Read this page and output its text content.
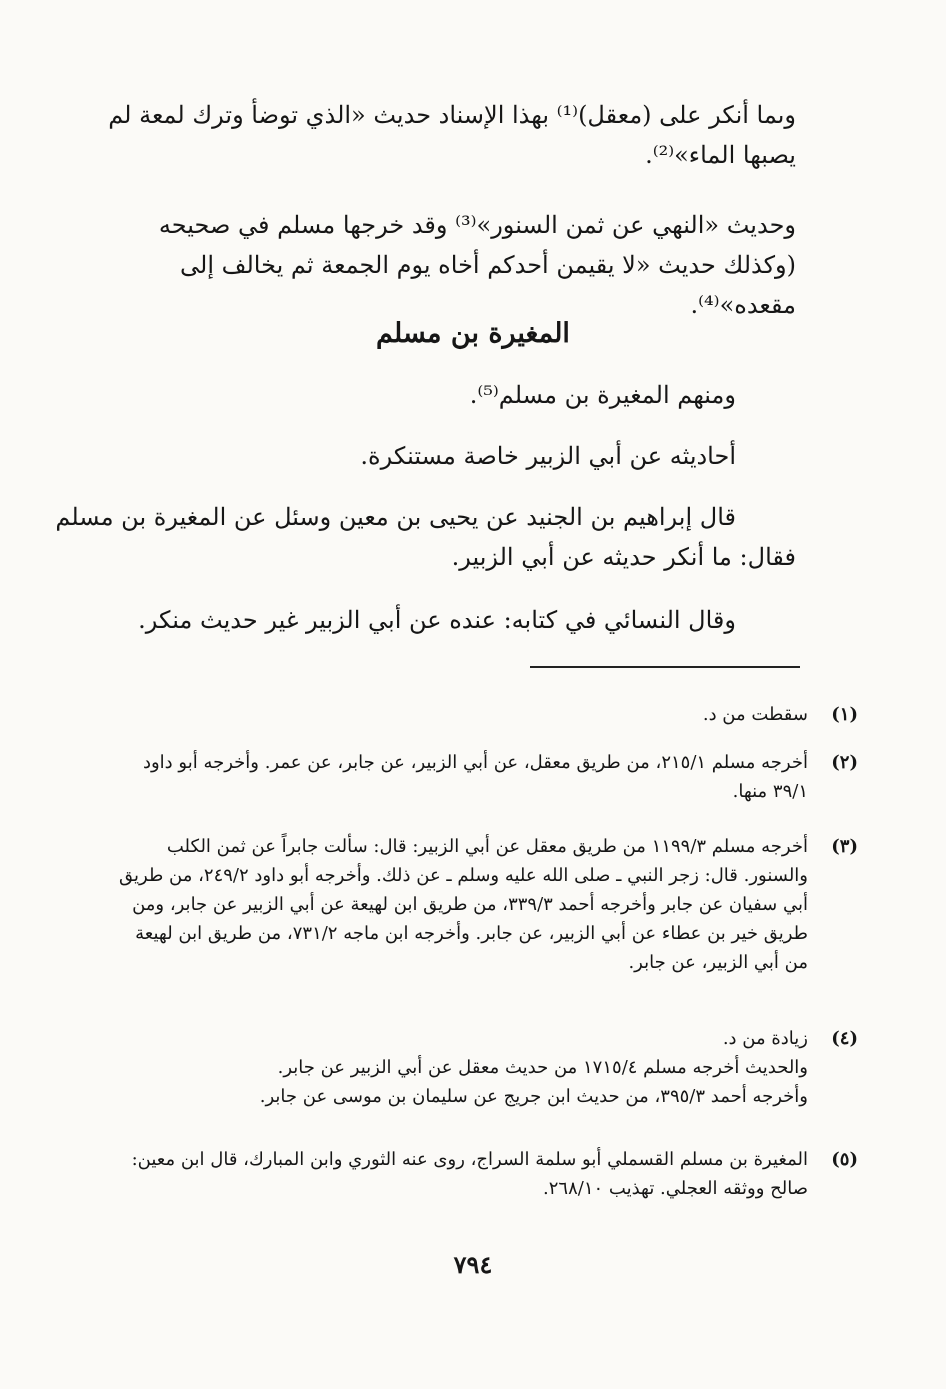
وىما أنكر على (معقل)⁽¹⁾ بهذا الإسناد حديث «الذي توضأ وترك لمعة لم يصبها الماء»⁽²⁾.

وحديث «النهي عن ثمن السنور»⁽³⁾ وقد خرجها مسلم في صحيحه (وكذلك حديث «لا يقيمن أحدكم أخاه يوم الجمعة ثم يخالف إلى مقعده»⁽⁴⁾.

المغيرة بن مسلم

ومنهم المغيرة بن مسلم⁽⁵⁾.

أحاديثه عن أبي الزبير خاصة مستنكرة.

قال إبراهيم بن الجنيد عن يحيى بن معين وسئل عن المغيرة بن مسلم

فقال: ما أنكر حديثه عن أبي الزبير.

وقال النسائي في كتابه: عنده عن أبي الزبير غير حديث منكر.

(١)
سقطت من د.
(٢)
أخرجه مسلم ٢١٥/١، من طريق معقل، عن أبي الزبير، عن جابر، عن عمر. وأخرجه أبو داود ٣٩/١ منها.
(٣)
أخرجه مسلم ١١٩٩/٣ من طريق معقل عن أبي الزبير: قال: سألت جابراً عن ثمن الكلب والسنور. قال: زجر النبي ـ صلى الله عليه وسلم ـ عن ذلك. وأخرجه أبو داود ٢٤٩/٢، من طريق أبي سفيان عن جابر وأخرجه أحمد ٣٣٩/٣، من طريق ابن لهيعة عن أبي الزبير عن جابر، ومن طريق خير بن عطاء عن أبي الزبير، عن جابر. وأخرجه ابن ماجه ٧٣١/٢، من طريق ابن لهيعة من أبي الزبير، عن جابر.
(٤)
زيادة من د.
والحديث أخرجه مسلم ١٧١٥/٤ من حديث معقل عن أبي الزبير عن جابر.
وأخرجه أحمد ٣٩٥/٣، من حديث ابن جريج عن سليمان بن موسى عن جابر.
(٥)
المغيرة بن مسلم القسملي أبو سلمة السراج، روى عنه الثوري وابن المبارك، قال ابن معين: صالح ووثقه العجلي. تهذيب ٢٦٨/١٠.
٧٩٤
